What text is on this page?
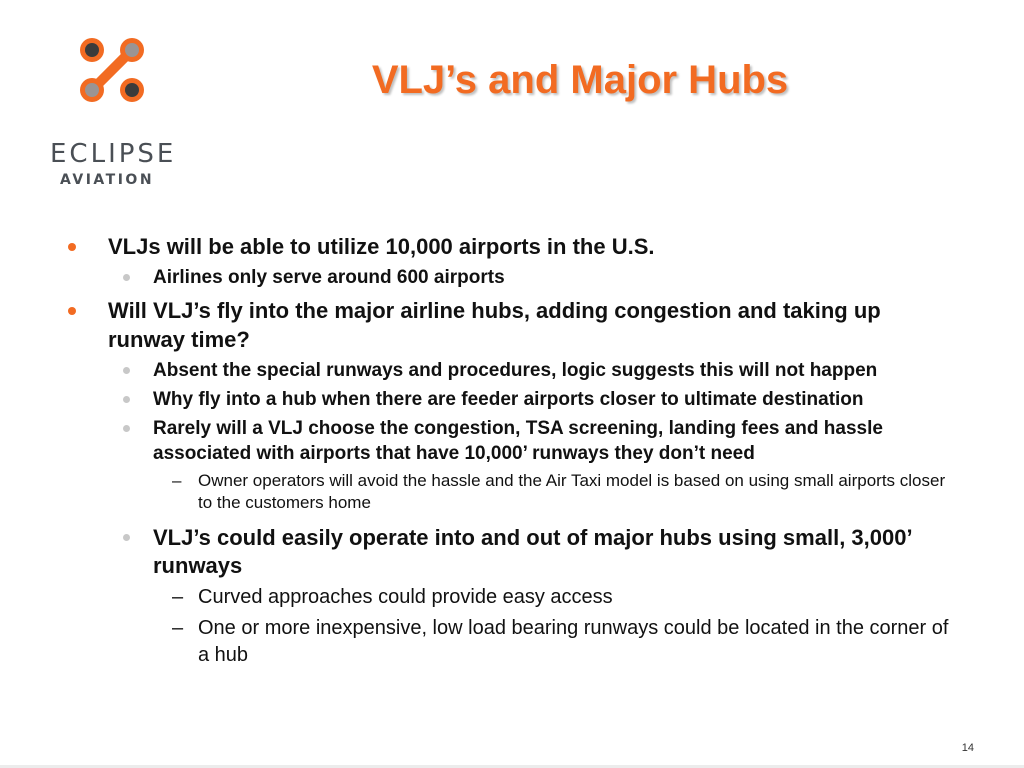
ECLIPSE
AVIATION
VLJ’s and Major Hubs
VLJs will be able to utilize 10,000 airports in the U.S.
Airlines only serve around 600 airports
Will VLJ’s fly into the major airline hubs, adding congestion and taking up runway time?
Absent the special runways and procedures, logic suggests this will not happen
Why fly into a hub when there are feeder airports closer to ultimate destination
Rarely will a VLJ choose the congestion, TSA screening, landing fees and hassle associated with airports that have 10,000’ runways they don’t need
– Owner operators will avoid the hassle and the Air Taxi model is based on using small airports closer to the customers home
VLJ’s could easily operate into and out of major hubs using small, 3,000’ runways
– Curved approaches could provide easy access
– One or more inexpensive, low load bearing runways could be located in the corner of a hub
14
